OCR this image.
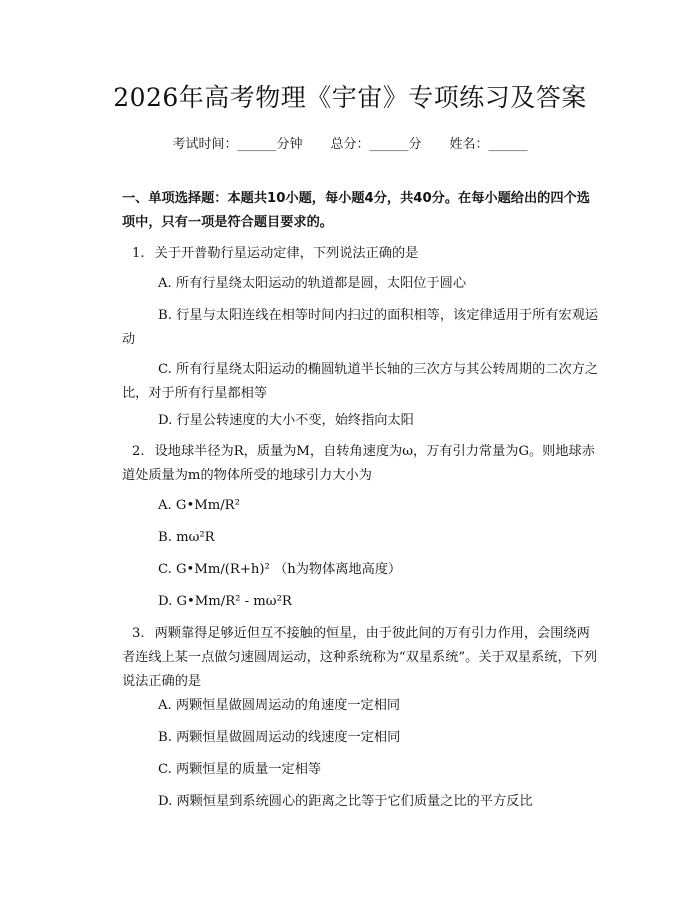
2026年高考物理《宇宙》专项练习及答案
考试时间：______分钟 总分：______分 姓名：______
一、单项选择题：本题共10小题，每小题4分，共40分。在每小题给出的四个选项中，只有一项是符合题目要求的。
1. 关于开普勒行星运动定律，下列说法正确的是
A. 所有行星绕太阳运动的轨道都是圆，太阳位于圆心
B. 行星与太阳连线在相等时间内扫过的面积相等，该定律适用于所有宏观运动
C. 所有行星绕太阳运动的椭圆轨道半长轴的三次方与其公转周期的二次方之比，对于所有行星都相等
D. 行星公转速度的大小不变，始终指向太阳
2. 设地球半径为R，质量为M，自转角速度为ω，万有引力常量为G。则地球赤道处质量为m的物体所受的地球引力大小为
A. G•Mm/R²
B. mω²R
C. G•Mm/(R+h)² （h为物体离地高度）
D. G•Mm/R² - mω²R
3. 两颗靠得足够近但互不接触的恒星，由于彼此间的万有引力作用，会围绕两者连线上某一点做匀速圆周运动，这种系统称为“双星系统”。关于双星系统，下列说法正确的是
A. 两颗恒星做圆周运动的角速度一定相同
B. 两颗恒星做圆周运动的线速度一定相同
C. 两颗恒星的质量一定相等
D. 两颗恒星到系统圆心的距离之比等于它们质量之比的平方反比
